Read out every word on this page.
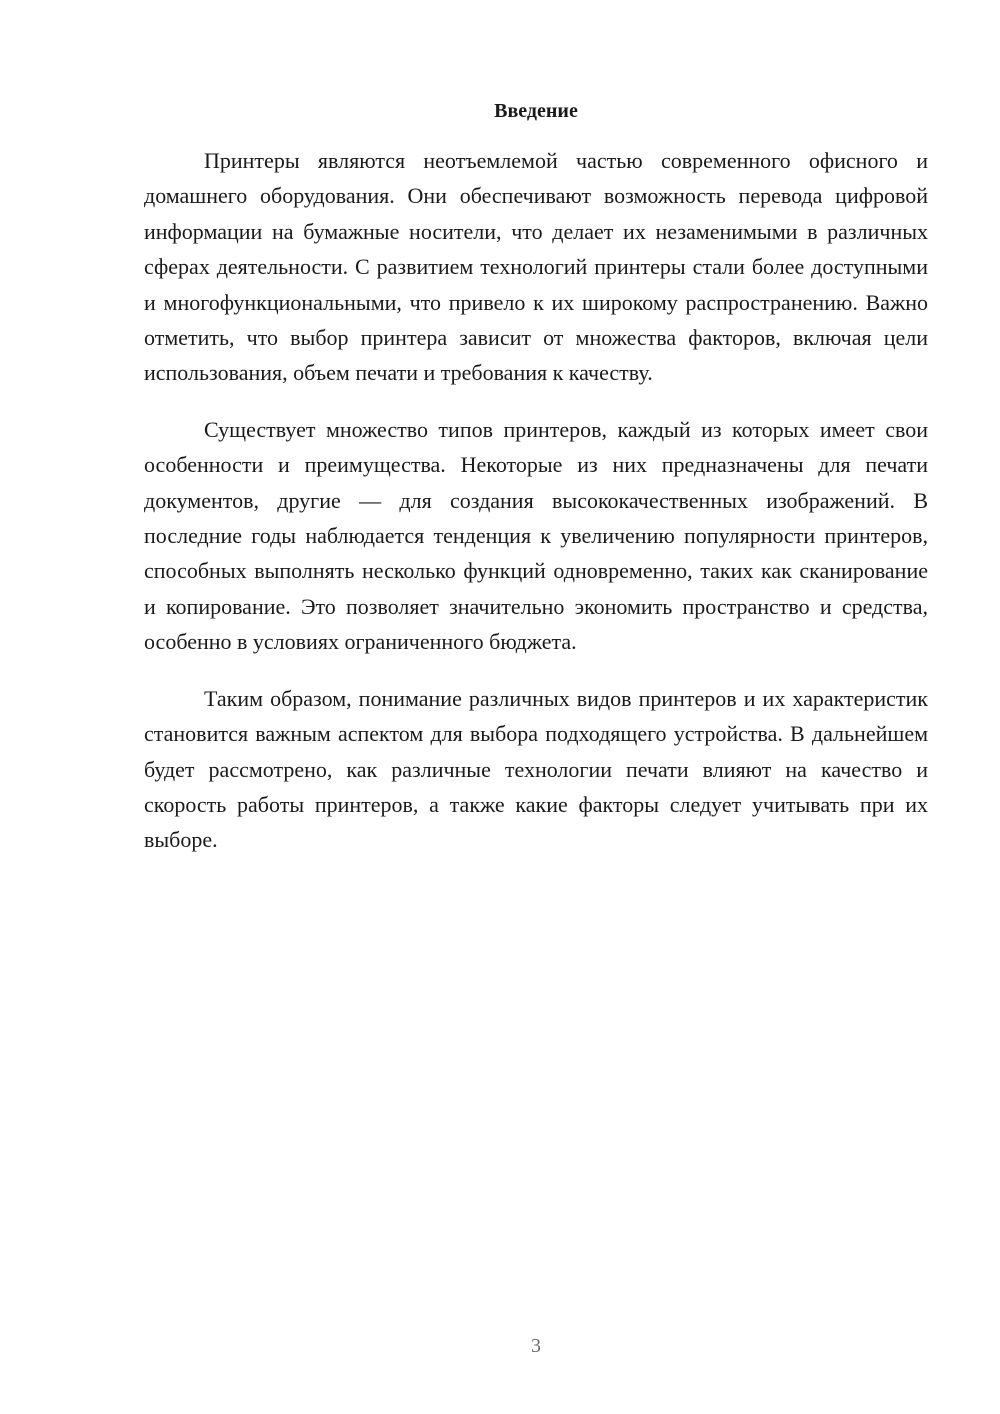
Введение

Принтеры являются неотъемлемой частью современного офисного и домашнего оборудования. Они обеспечивают возможность перевода цифровой информации на бумажные носители, что делает их незаменимыми в различных сферах деятельности. С развитием технологий принтеры стали более доступными и многофункциональными, что привело к их широкому распространению. Важно отметить, что выбор принтера зависит от множества факторов, включая цели использования, объем печати и требования к качеству.

Существует множество типов принтеров, каждый из которых имеет свои особенности и преимущества. Некоторые из них предназначены для печати документов, другие — для создания высококачественных изображений. В последние годы наблюдается тенденция к увеличению популярности принтеров, способных выполнять несколько функций одновременно, таких как сканирование и копирование. Это позволяет значительно экономить пространство и средства, особенно в условиях ограниченного бюджета.

Таким образом, понимание различных видов принтеров и их характеристик становится важным аспектом для выбора подходящего устройства. В дальнейшем будет рассмотрено, как различные технологии печати влияют на качество и скорость работы принтеров, а также какие факторы следует учитывать при их выборе.

3
